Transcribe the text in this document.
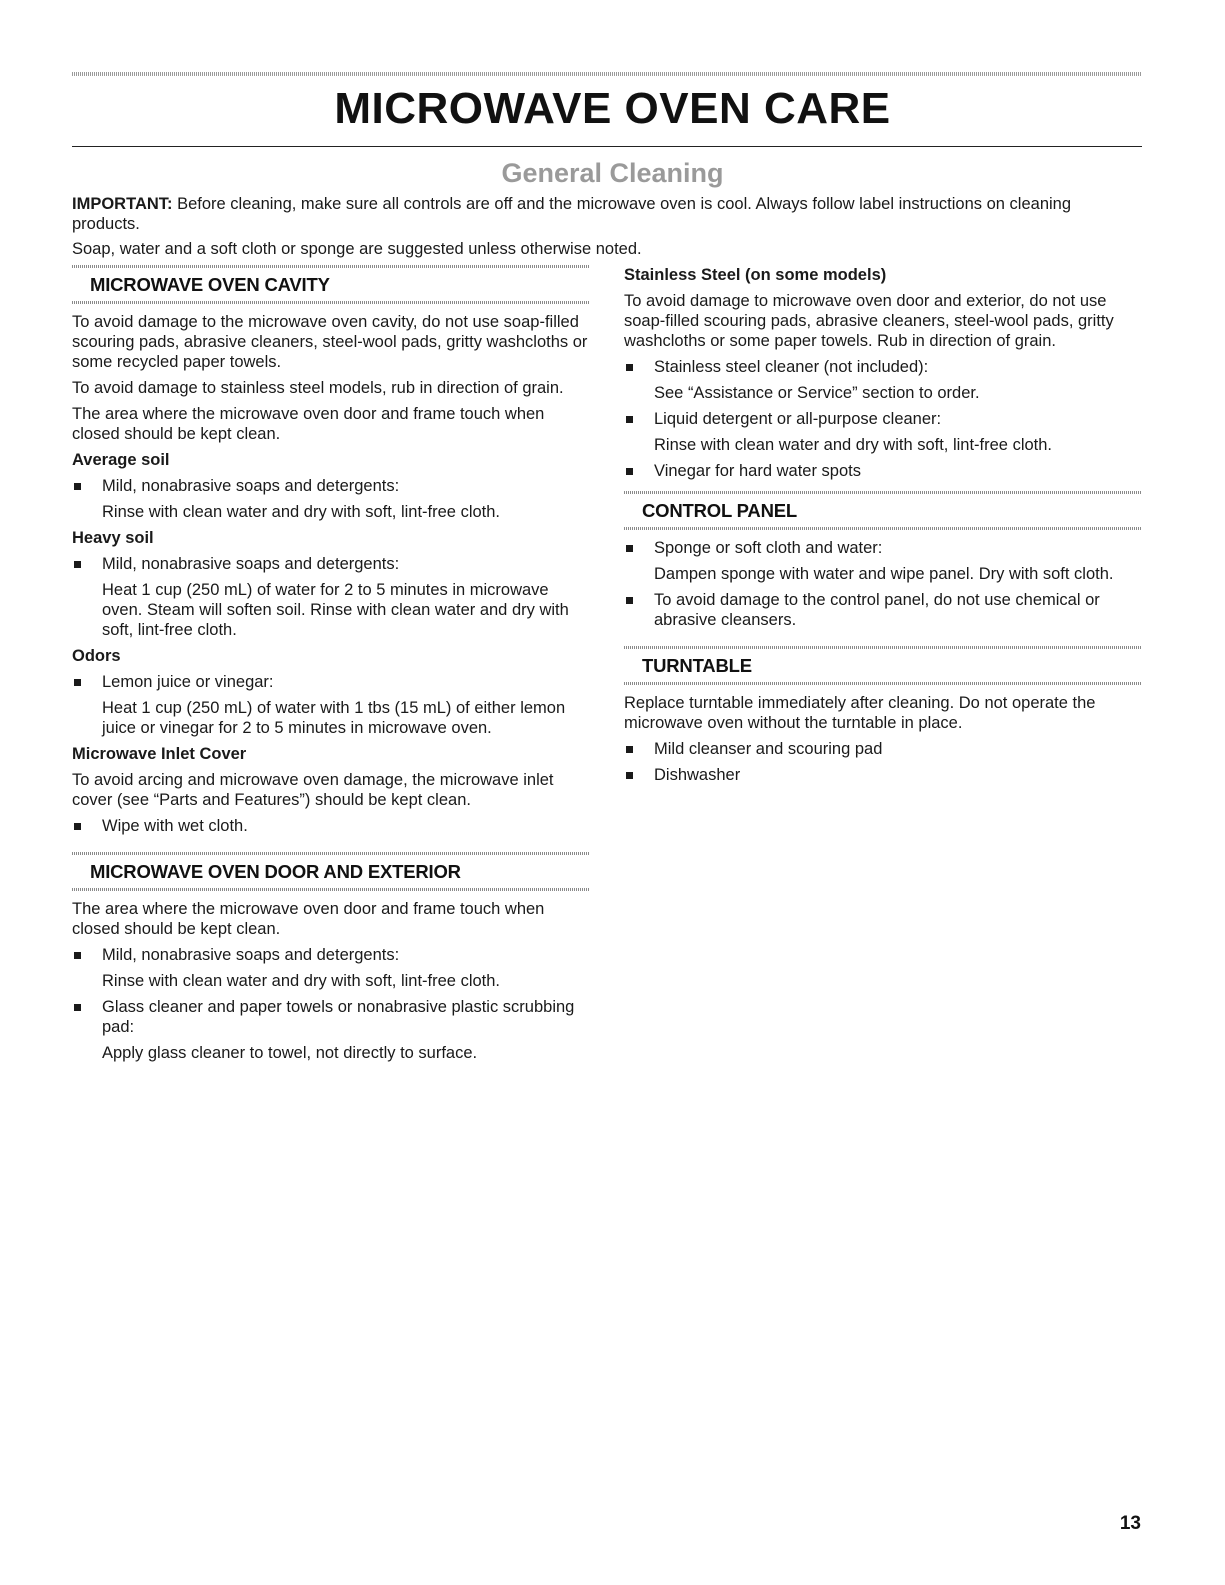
MICROWAVE OVEN CARE
General Cleaning

IMPORTANT: Before cleaning, make sure all controls are off and the microwave oven is cool. Always follow label instructions on cleaning products.

Soap, water and a soft cloth or sponge are suggested unless otherwise noted.

MICROWAVE OVEN CAVITY

To avoid damage to the microwave oven cavity, do not use soap-filled scouring pads, abrasive cleaners, steel-wool pads, gritty washcloths or some recycled paper towels.

To avoid damage to stainless steel models, rub in direction of grain.

The area where the microwave oven door and frame touch when closed should be kept clean.

Average soil

Mild, nonabrasive soaps and detergents:

Rinse with clean water and dry with soft, lint-free cloth.

Heavy soil

Mild, nonabrasive soaps and detergents:

Heat 1 cup (250 mL) of water for 2 to 5 minutes in microwave oven. Steam will soften soil. Rinse with clean water and dry with soft, lint-free cloth.

Odors

Lemon juice or vinegar:

Heat 1 cup (250 mL) of water with 1 tbs (15 mL) of either lemon juice or vinegar for 2 to 5 minutes in microwave oven.

Microwave Inlet Cover

To avoid arcing and microwave oven damage, the microwave inlet cover (see “Parts and Features”) should be kept clean.

Wipe with wet cloth.

MICROWAVE OVEN DOOR AND EXTERIOR

The area where the microwave oven door and frame touch when closed should be kept clean.

Mild, nonabrasive soaps and detergents:

Rinse with clean water and dry with soft, lint-free cloth.

Glass cleaner and paper towels or nonabrasive plastic scrubbing pad:

Apply glass cleaner to towel, not directly to surface.

Stainless Steel (on some models)

To avoid damage to microwave oven door and exterior, do not use soap-filled scouring pads, abrasive cleaners, steel-wool pads, gritty washcloths or some paper towels. Rub in direction of grain.

Stainless steel cleaner (not included):

See “Assistance or Service” section to order.

Liquid detergent or all-purpose cleaner:

Rinse with clean water and dry with soft, lint-free cloth.

Vinegar for hard water spots

CONTROL PANEL

Sponge or soft cloth and water:

Dampen sponge with water and wipe panel. Dry with soft cloth.

To avoid damage to the control panel, do not use chemical or abrasive cleansers.

TURNTABLE

Replace turntable immediately after cleaning. Do not operate the microwave oven without the turntable in place.

Mild cleanser and scouring pad

Dishwasher

13
